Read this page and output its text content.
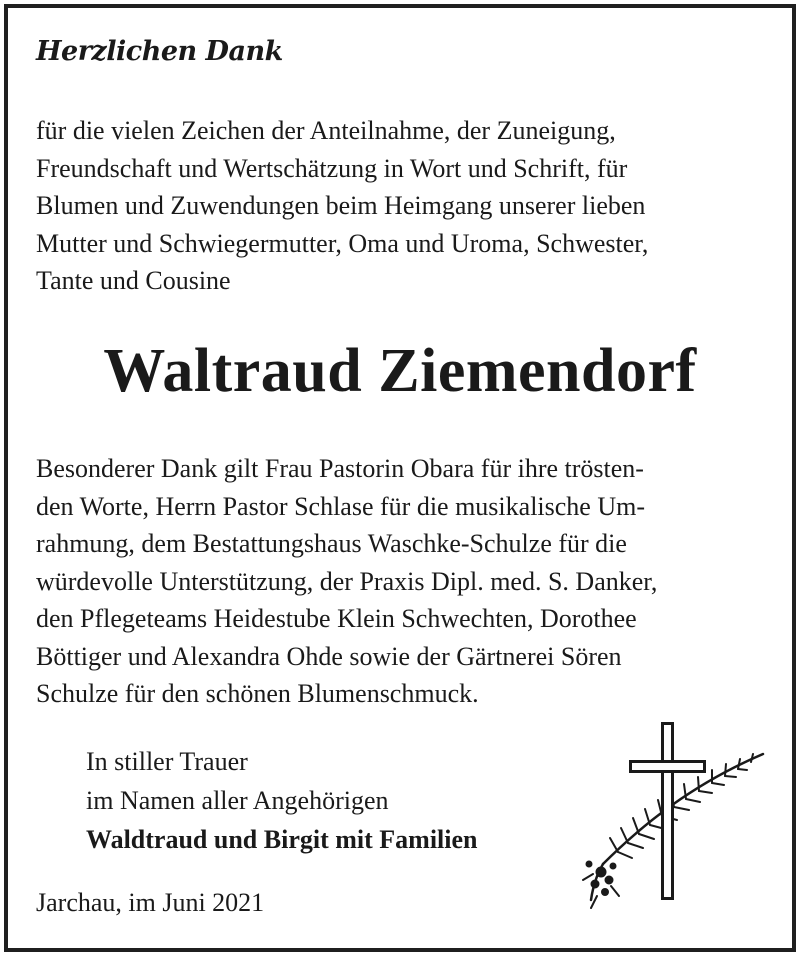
Herzlichen Dank
für die vielen Zeichen der Anteilnahme, der Zuneigung,
Freundschaft und Wertschätzung in Wort und Schrift, für
Blumen und Zuwendungen beim Heimgang unserer lieben
Mutter und Schwiegermutter, Oma und Uroma, Schwester,
Tante und Cousine
Waltraud Ziemendorf
Besonderer Dank gilt Frau Pastorin Obara für ihre trösten-
den Worte, Herrn Pastor Schlase für die musikalische Um-
rahmung, dem Bestattungshaus Waschke-Schulze für die
würdevolle Unterstützung, der Praxis Dipl. med. S. Danker,
den Pflegeteams Heidestube Klein Schwechten, Dorothee
Böttiger und Alexandra Ohde sowie der Gärtnerei Sören
Schulze für den schönen Blumenschmuck.
In stiller Trauer
im Namen aller Angehörigen
Waldtraud und Birgit mit Familien
Jarchau, im Juni 2021
